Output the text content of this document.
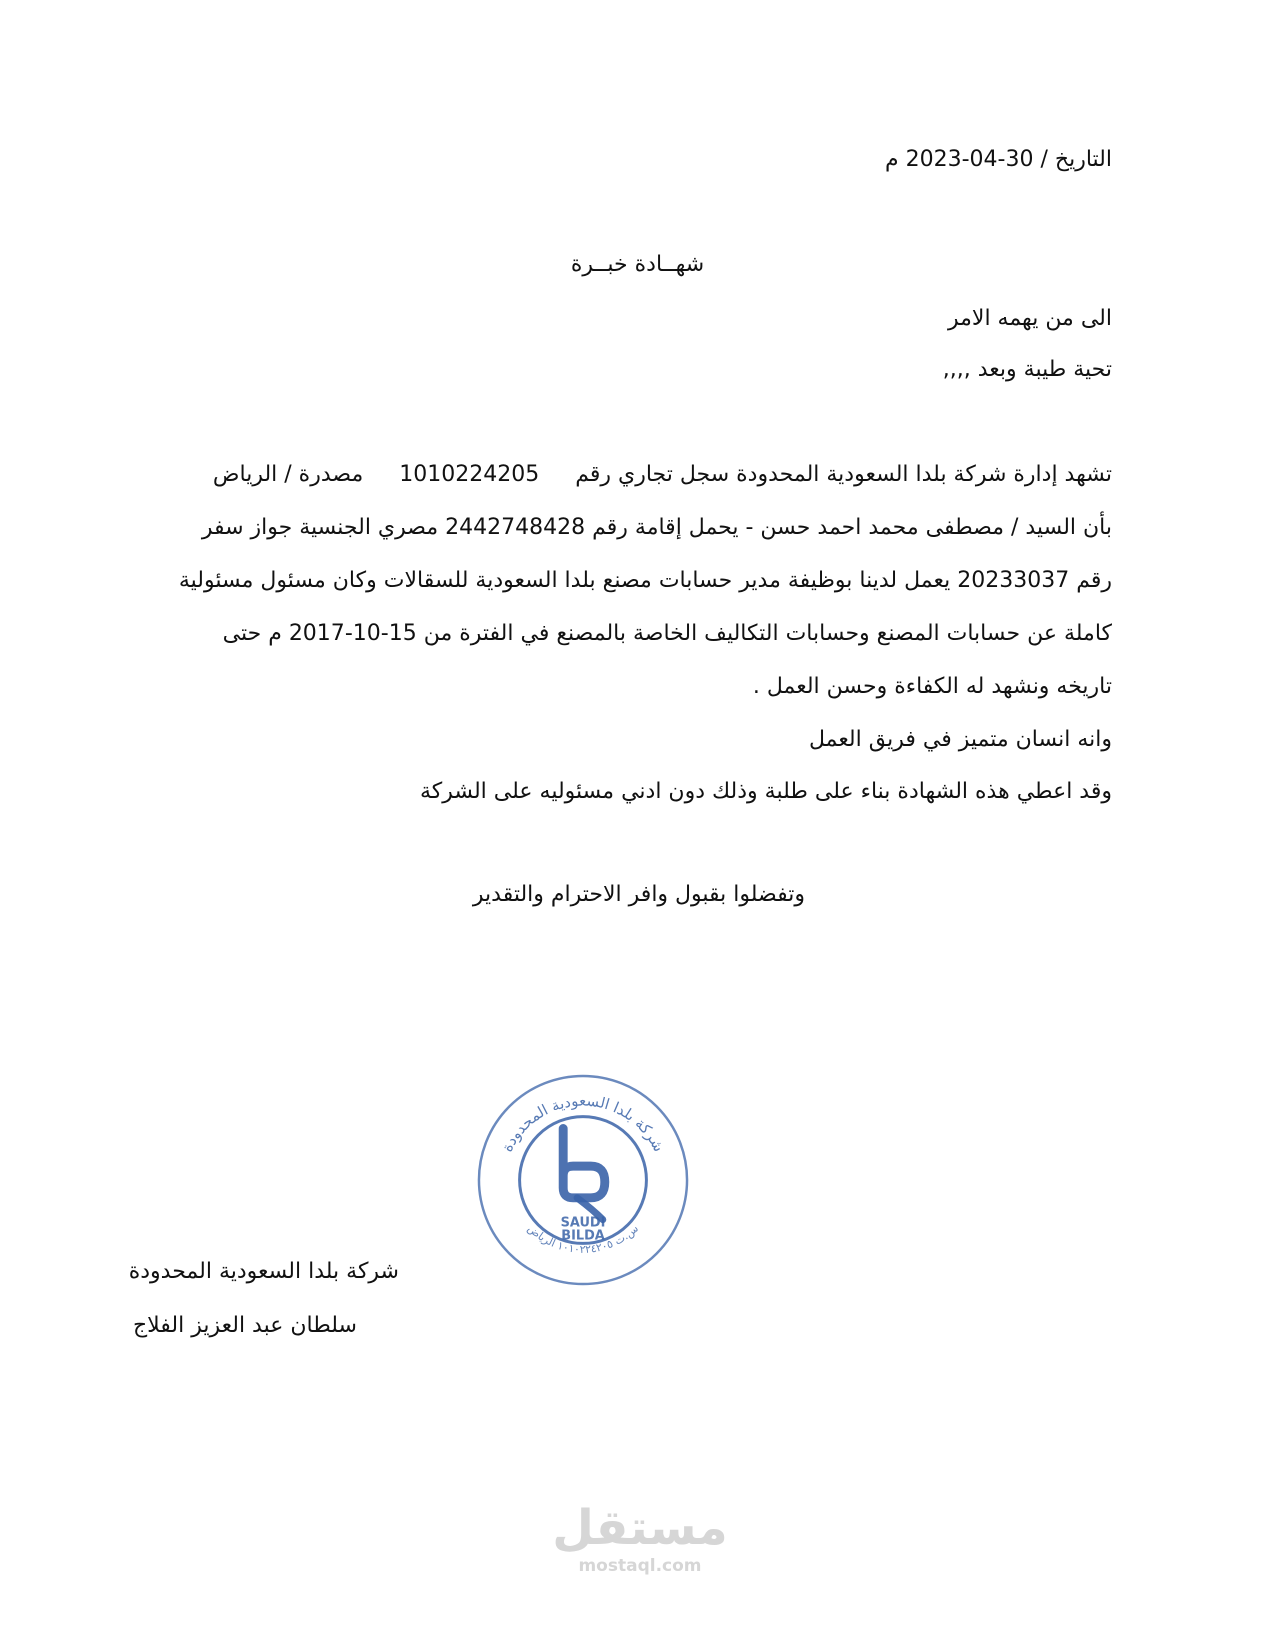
التاريخ / 30-04-2023 م

شهــادة خبــرة

الى من يهمه الامر

تحية طيبة وبعد ,,,,

تشهد إدارة شركة بلدا السعودية المحدودة سجل تجاري رقم1010224205مصدرة / الرياض

بأن السيد / مصطفى محمد احمد حسن - يحمل إقامة رقم 2442748428 مصري الجنسية جواز سفر

رقم 20233037 يعمل لدينا بوظيفة مدير حسابات مصنع بلدا السعودية للسقالات وكان مسئول مسئولية

كاملة عن حسابات المصنع وحسابات التكاليف الخاصة بالمصنع في الفترة من 15-10-2017 م حتى

تاريخه ونشهد له الكفاءة وحسن العمل .

وانه انسان متميز في فريق العمل

وقد اعطي هذه الشهادة بناء على طلبة وذلك دون ادني مسئوليه على الشركة

وتفضلوا بقبول وافر الاحترام والتقدير

شركة بلدا السعودية المحدودة
س.ت ١٠١٠٢٢٤٢٠٥ الرياض
SAUDI
BILDA

شركة بلدا السعودية المحدودة

سلطان عبد العزيز الفلاج

مستقل
mostaql.com
